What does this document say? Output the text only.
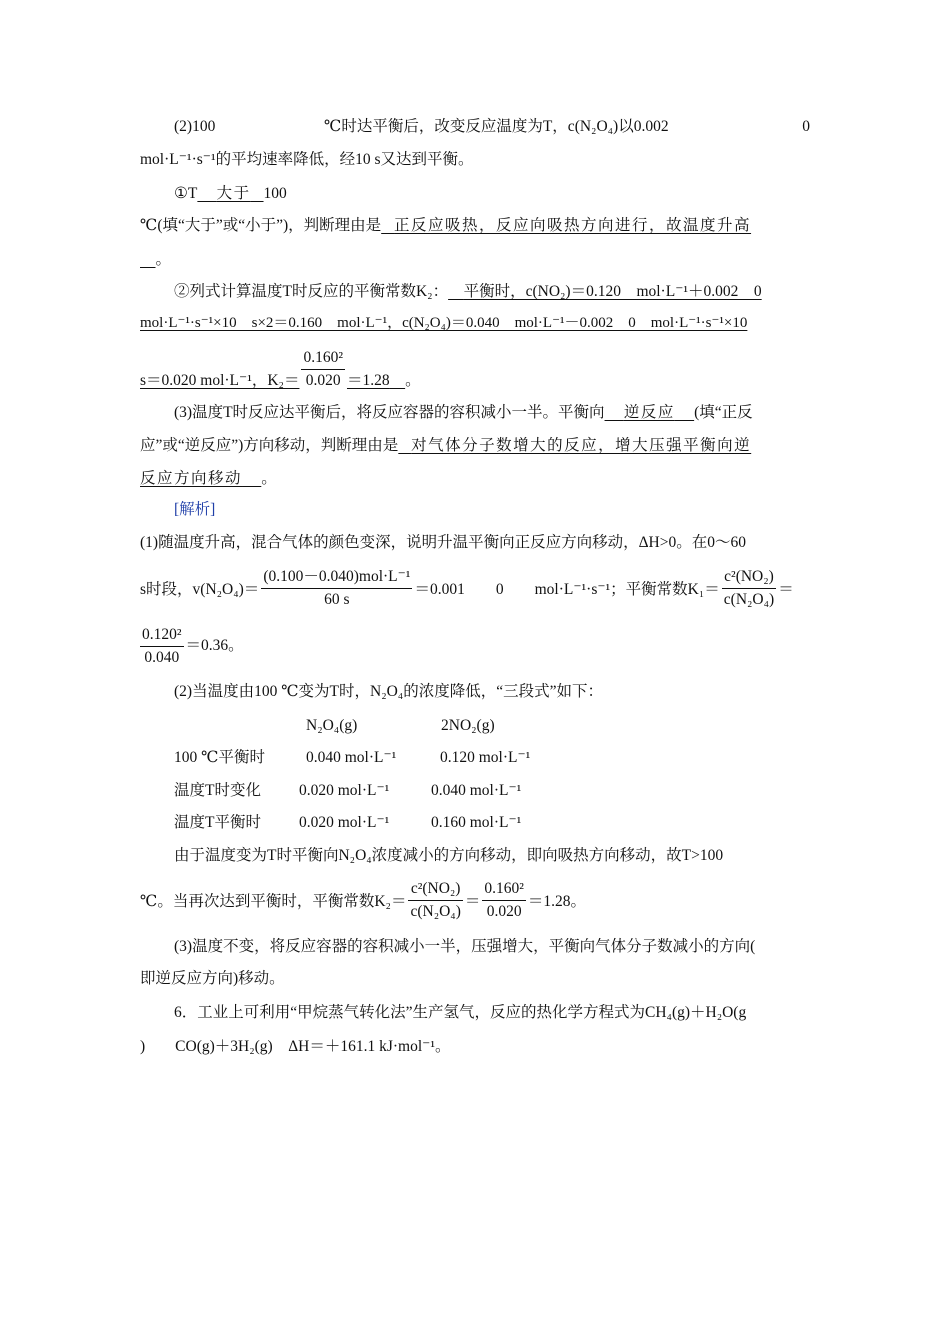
(2)100	℃时达平衡后，改变反应温度为T，c(N₂O₄)以0.002	0
mol·L⁻¹·s⁻¹的平均速率降低，经10 s又达到平衡。
①T 大于 100
℃(填“大于”或“小于”)，判断理由是 正反应吸热，反应向吸热方向进行，故温度升高
。
②列式计算温度T时反应的平衡常数K₂： 平衡时，c(NO₂)＝0.120　mol·L⁻¹＋0.002　0
mol·L⁻¹·s⁻¹×10　s×2＝0.160　mol·L⁻¹，c(N₂O₄)＝0.040　mol·L⁻¹－0.002　0　mol·L⁻¹·s⁻¹×10
s＝0.020 mol·L⁻¹，$K_2= \frac{\text{0.160²}}{0.020} =1.28$ 。
(3)温度T时反应达平衡后，将反应容器的容积减小一半。平衡向 逆反应 (填“正反
应”或“逆反应”)方向移动，判断理由是 对气体分子数增大的反应，增大压强平衡向逆
反应方向移动 。
[解析]
(1)随温度升高，混合气体的颜色变深，说明升温平衡向正反应方向移动，ΔH>0。在0～60
s时段，$v(N_2O_4)= \frac{\text{(0.100－0.040)mol·L⁻¹}}{60 s} =0.001$　　0　　mol·L⁻¹·s⁻¹；平衡常数$K_1= \frac{\text{c²(NO₂)}}{\text{c(N₂O₄)}}$ ＝
$\frac{\text{0.120²}}{0.040} =0.36$。
(2)当温度由100 ℃变为T时，N₂O₄的浓度降低，“三段式”如下：
N₂O₄(g)	2NO₂(g)
100 ℃平衡时	0.040 mol·L⁻¹	0.120 mol·L⁻¹
温度T时变化 0.020 mol·L⁻¹	0.040 mol·L⁻¹
温度T平衡时 0.020 mol·L⁻¹	0.160 mol·L⁻¹
由于温度变为T时平衡向N₂O₄浓度减小的方向移动，即向吸热方向移动，故T>100
℃。当再次达到平衡时，平衡常数$K_2= \frac{\text{c²(NO₂)}}{\text{c(N₂O₄)}} = \frac{\text{0.160²}}{0.020} =1.28$。
(3)温度不变，将反应容器的容积减小一半，压强增大，平衡向气体分子数减小的方向(
即逆反应方向)移动。
6．工业上可利用“甲烷蒸气转化法”生产氢气，反应的热化学方程式为CH₄(g)＋H₂O(g
) CO(g)＋3H₂(g)　ΔH＝＋161.1 kJ·mol⁻¹。
